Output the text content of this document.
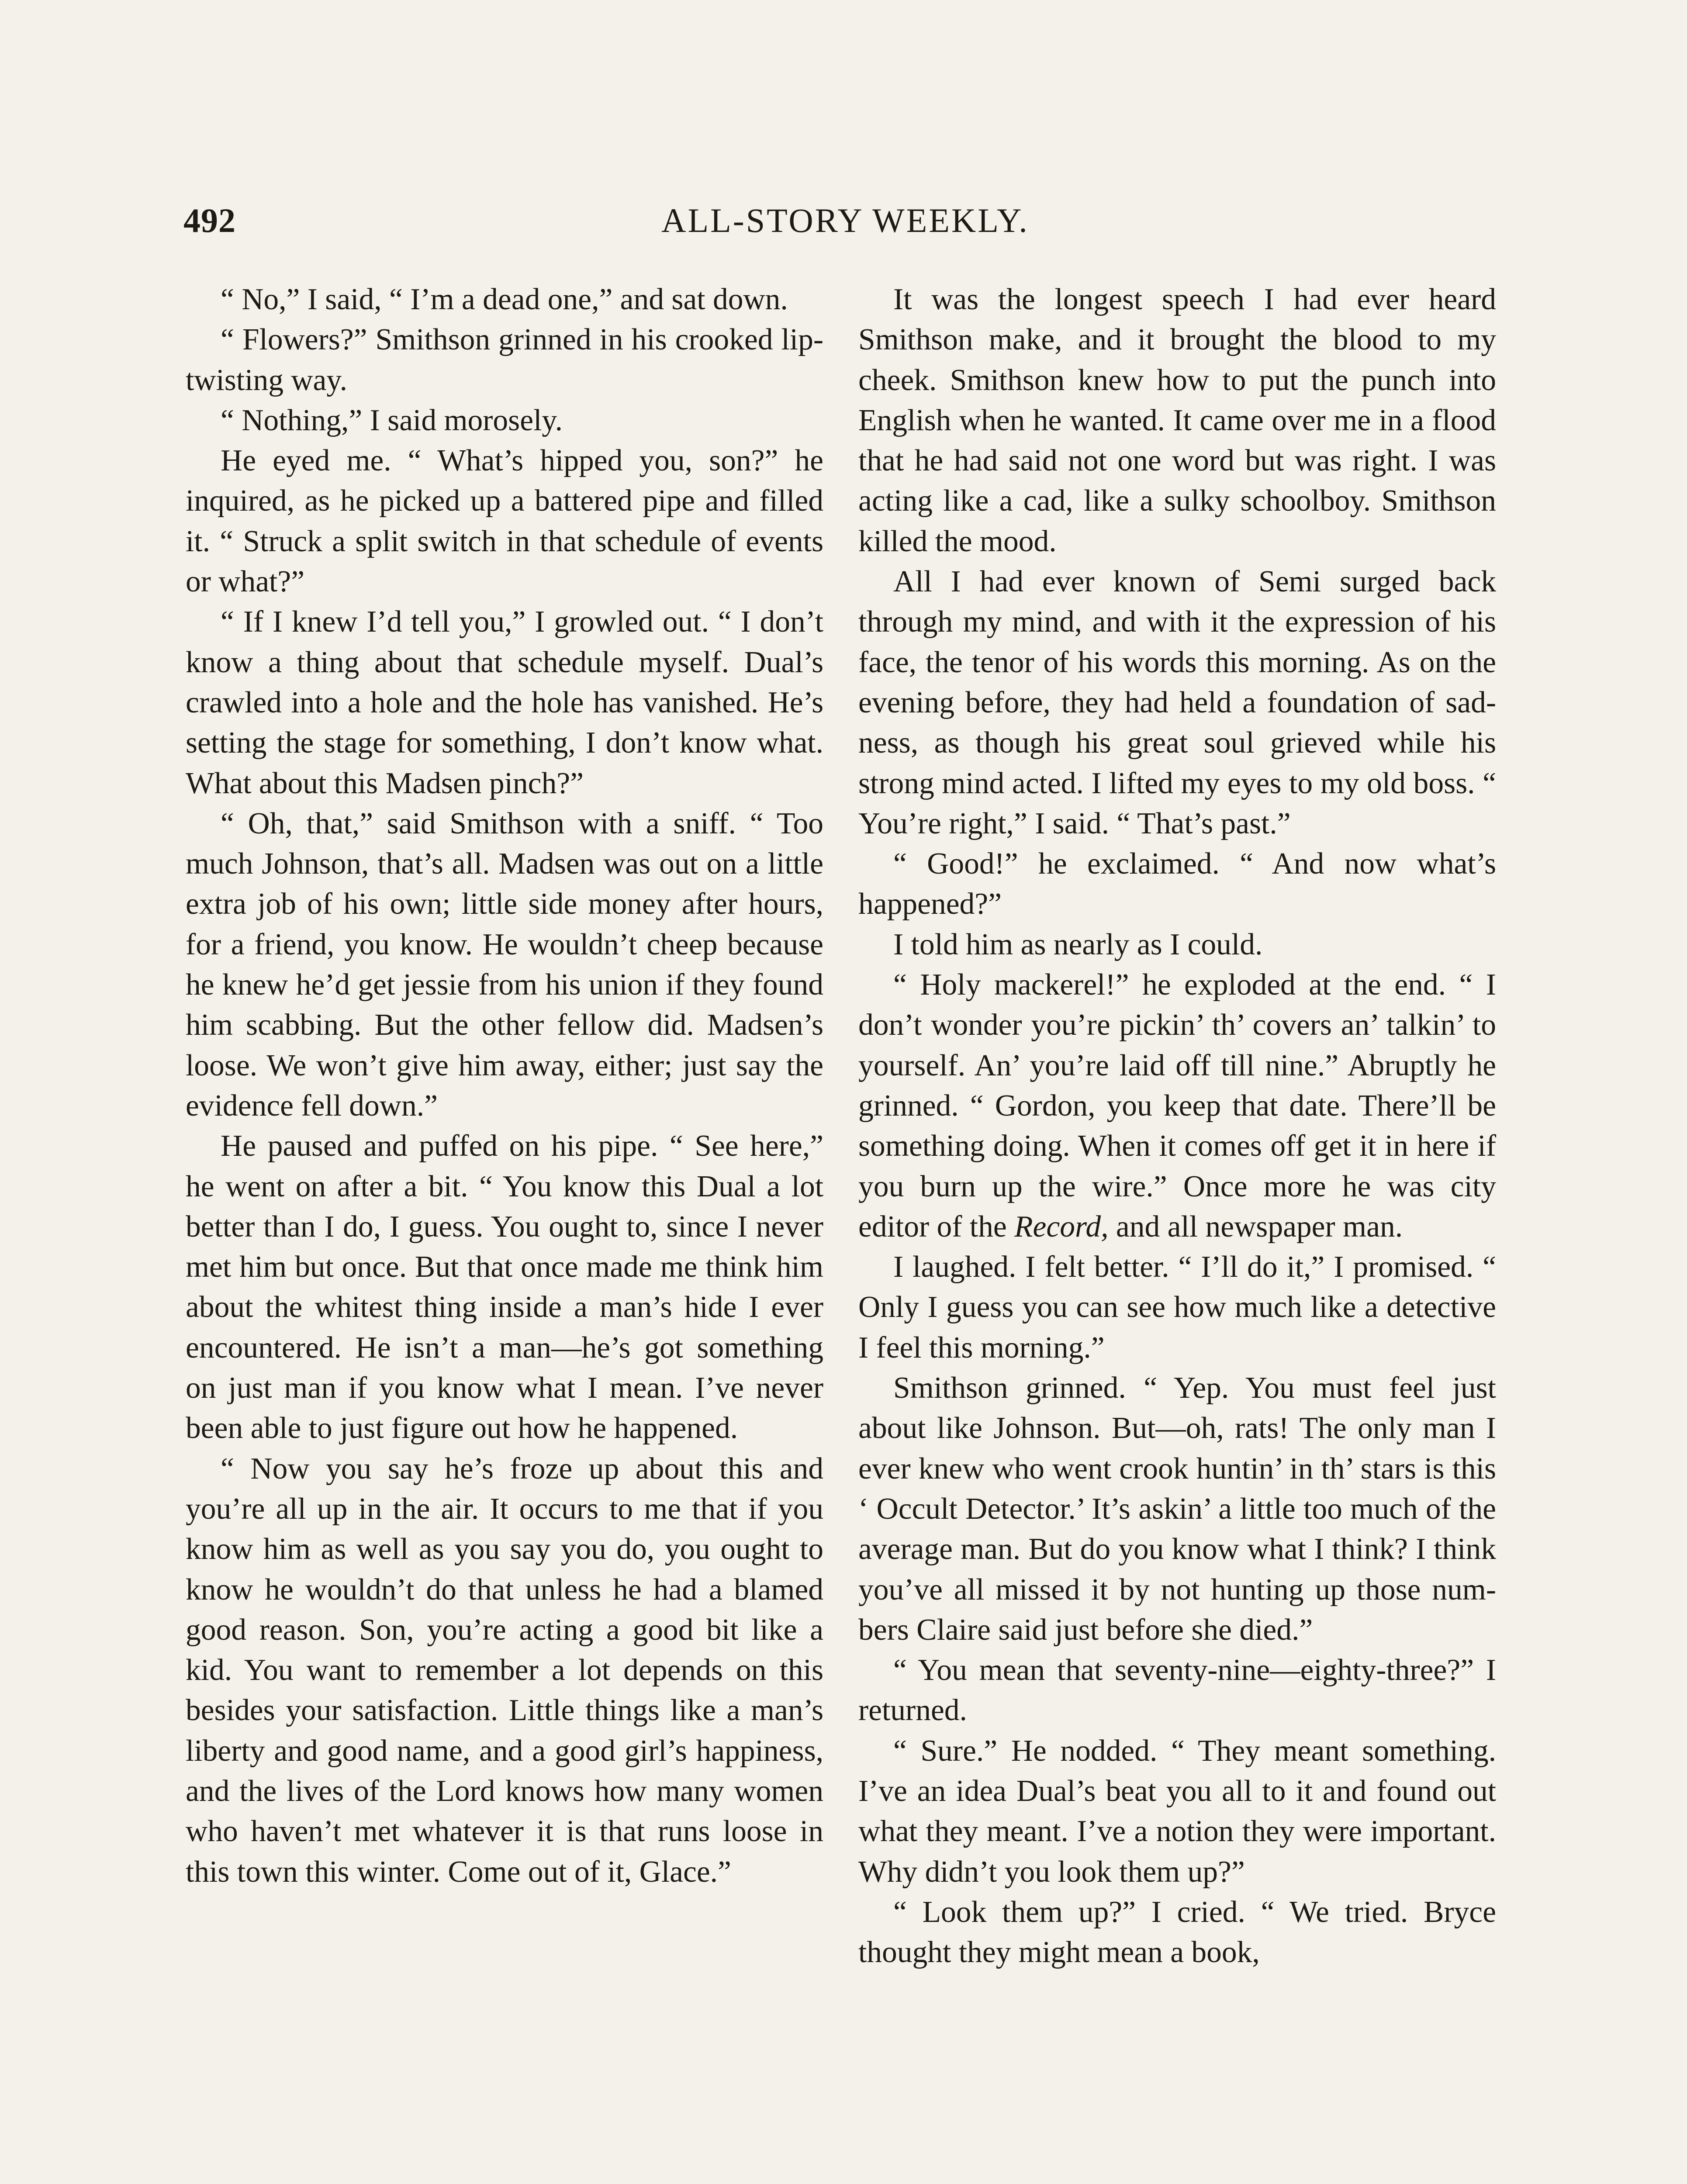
492	ALL-STORY WEEKLY.

“ No,” I said, “ I’m a dead one,” and sat down.

“ Flowers?” Smithson grinned in his crooked lip-twisting way.

“ Nothing,” I said morosely.

He eyed me. “ What’s hipped you, son?” he inquired, as he picked up a battered pipe and filled it. “ Struck a split switch in that schedule of events or what?”

“ If I knew I’d tell you,” I growled out. “ I don’t know a thing about that schedule myself. Dual’s crawled into a hole and the hole has vanished. He’s setting the stage for something, I don’t know what. What about this Madsen pinch?”

“ Oh, that,” said Smithson with a sniff. “ Too much Johnson, that’s all. Madsen was out on a little extra job of his own; little side money after hours, for a friend, you know. He wouldn’t cheep because he knew he’d get jessie from his union if they found him scabbing. But the other fellow did. Madsen’s loose. We won’t give him away, either; just say the evidence fell down.”

He paused and puffed on his pipe. “ See here,” he went on after a bit. “ You know this Dual a lot better than I do, I guess. You ought to, since I never met him but once. But that once made me think him about the whitest thing inside a man’s hide I ever encountered. He isn’t a man—he’s got something on just man if you know what I mean. I’ve never been able to just figure out how he happened.

“ Now you say he’s froze up about this and you’re all up in the air. It occurs to me that if you know him as well as you say you do, you ought to know he wouldn’t do that unless he had a blamed good reason. Son, you’re acting a good bit like a kid. You want to remember a lot depends on this besides your satisfaction. Little things like a man’s liberty and good name, and a good girl’s happiness, and the lives of the Lord knows how many women who haven’t met whatever it is that runs loose in this town this winter. Come out of it, Glace.”

It was the longest speech I had ever heard Smithson make, and it brought the blood to my cheek. Smithson knew how to put the punch into English when he wanted. It came over me in a flood that he had said not one word but was right. I was acting like a cad, like a sulky schoolboy. Smithson killed the mood.

All I had ever known of Semi surged back through my mind, and with it the expression of his face, the tenor of his words this morning. As on the evening before, they had held a foundation of sadness, as though his great soul grieved while his strong mind acted. I lifted my eyes to my old boss. “ You’re right,” I said. “ That’s past.”

“ Good!” he exclaimed. “ And now what’s happened?”

I told him as nearly as I could.

“ Holy mackerel!” he exploded at the end. “ I don’t wonder you’re pickin’ th’ covers an’ talkin’ to yourself. An’ you’re laid off till nine.” Abruptly he grinned. “ Gordon, you keep that date. There’ll be something doing. When it comes off get it in here if you burn up the wire.” Once more he was city editor of the Record, and all newspaper man.

I laughed. I felt better. “ I’ll do it,” I promised. “ Only I guess you can see how much like a detective I feel this morning.”

Smithson grinned. “ Yep. You must feel just about like Johnson. But—oh, rats! The only man I ever knew who went crook huntin’ in th’ stars is this ‘ Occult Detector.’ It’s askin’ a little too much of the average man. But do you know what I think? I think you’ve all missed it by not hunting up those numbers Claire said just before she died.”

“ You mean that seventy-nine—eighty-three?” I returned.

“ Sure.” He nodded. “ They meant something. I’ve an idea Dual’s beat you all to it and found out what they meant. I’ve a notion they were important. Why didn’t you look them up?”

“ Look them up?” I cried. “ We tried. Bryce thought they might mean a book,
